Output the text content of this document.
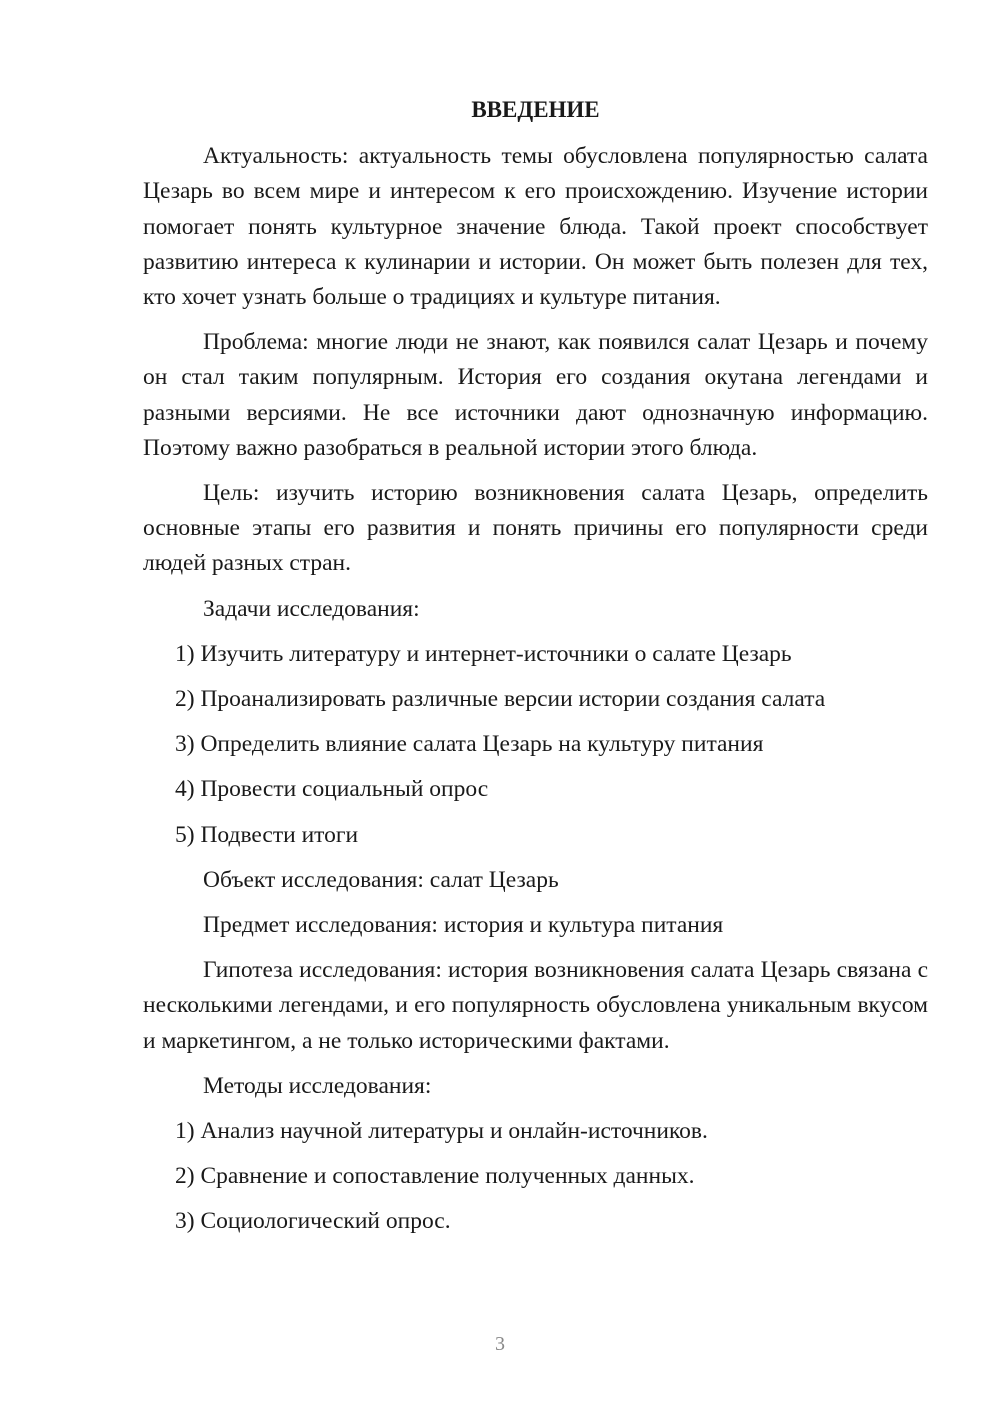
ВВЕДЕНИЕ

Актуальность: актуальность темы обусловлена популярностью салата Цезарь во всем мире и интересом к его происхождению. Изучение истории помогает понять культурное значение блюда. Такой проект способствует развитию интереса к кулинарии и истории. Он может быть полезен для тех, кто хочет узнать больше о традициях и культуре питания.

Проблема: многие люди не знают, как появился салат Цезарь и почему он стал таким популярным. История его создания окутана легендами и разными версиями. Не все источники дают однозначную информацию. Поэтому важно разобраться в реальной истории этого блюда.

Цель: изучить историю возникновения салата Цезарь, определить основные этапы его развития и понять причины его популярности среди людей разных стран.

Задачи исследования:
1) Изучить литературу и интернет-источники о салате Цезарь
2) Проанализировать различные версии истории создания салата
3) Определить влияние салата Цезарь на культуру питания
4) Провести социальный опрос
5) Подвести итоги
Объект исследования: салат Цезарь
Предмет исследования: история и культура питания

Гипотеза исследования: история возникновения салата Цезарь связана с несколькими легендами, и его популярность обусловлена уникальным вкусом и маркетингом, а не только историческими фактами.

Методы исследования:
1) Анализ научной литературы и онлайн-источников.
2) Сравнение и сопоставление полученных данных.
3) Социологический опрос.
3
